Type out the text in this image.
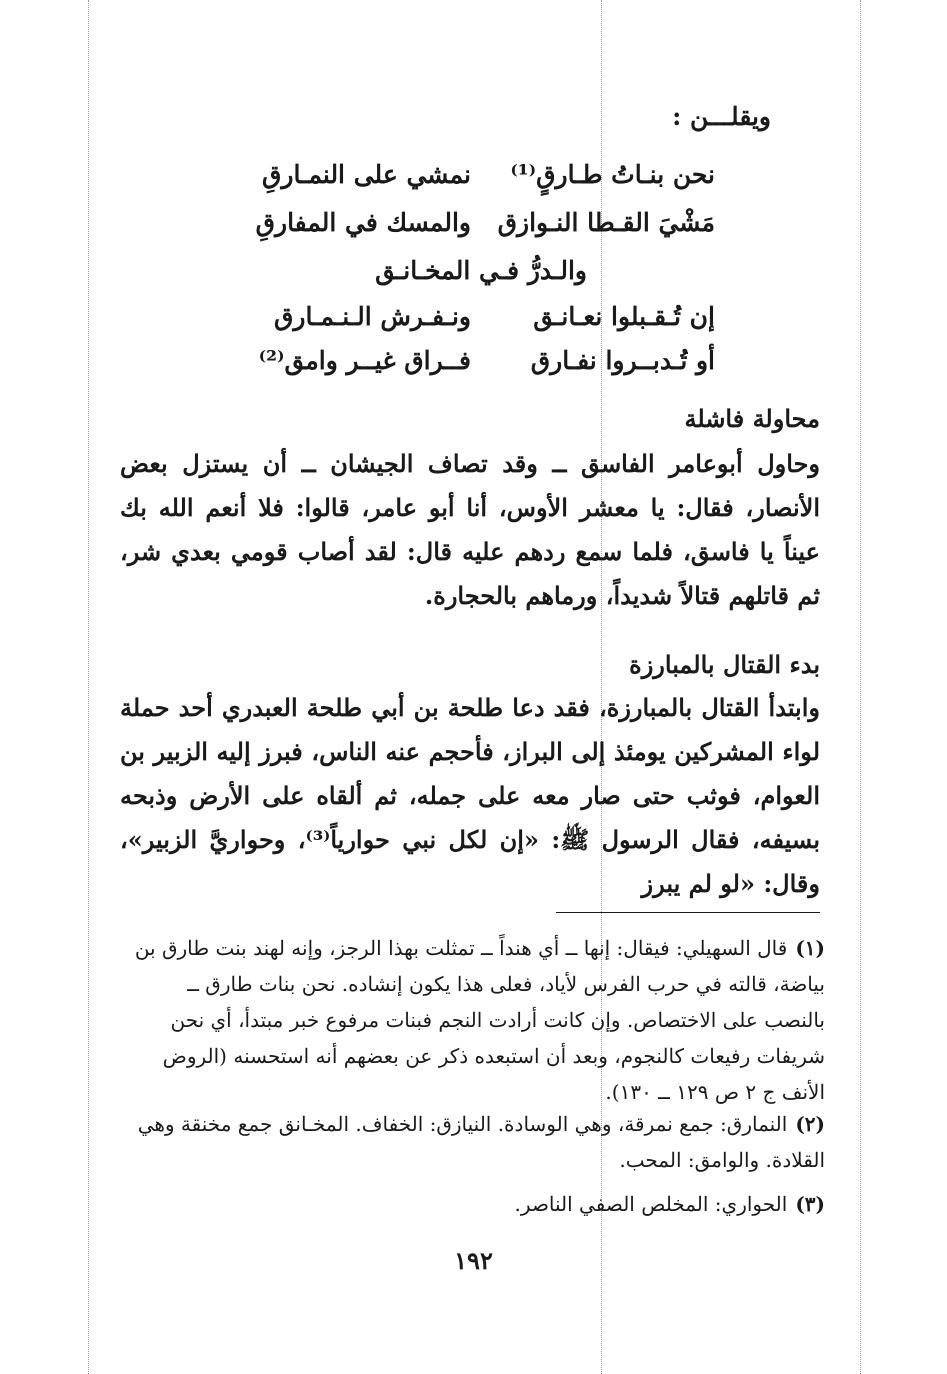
ويقلـــن :
نحن بنـاتُ طـارقٍ⁽¹⁾
نمشي على النمـارقِ
مَشْيَ القـطا النـوازق
والمسك في المفارقِ
والـدرُّ فـي المخـانـق
إن تُـقـبلوا نعـانـق
ونـفـرش الـنـمـارق
أو تُـدبــروا نفـارق
فــراق غيــر وامق⁽²⁾
محاولة فاشلة
وحاول أبوعامر الفاسق ــ وقد تصاف الجيشان ــ أن يستزل بعض الأنصار، فقال: يا معشر الأوس، أنا أبو عامر، قالوا: فلا أنعم الله بك عيناً يا فاسق، فلما سمع ردهم عليه قال: لقد أصاب قومي بعدي شر، ثم قاتلهم قتالاً شديداً، ورماهم بالحجارة.
بدء القتال بالمبارزة
وابتدأ القتال بالمبارزة، فقد دعا طلحة بن أبي طلحة العبدري أحد حملة لواء المشركين يومئذ إلى البراز، فأحجم عنه الناس، فبرز إليه الزبير بن العوام، فوثب حتى صار معه على جمله، ثم ألقاه على الأرض وذبحه بسيفه، فقال الرسول ﷺ: «إن لكل نبي حوارياً⁽³⁾، وحواريَّ الزبير»، وقال: «لو لم يبرز
(١)قال السهيلي: فيقال: إنها ــ أي هنداً ــ تمثلت بهذا الرجز، وإنه لهند بنت طارق بن بياضة، قالته في حرب الفرس لأياد، فعلى هذا يكون إنشاده. نحن بنات طارق ــ بالنصب على الاختصاص. وإن كانت أرادت النجم فبنات مرفوع خبر مبتدأ، أي نحن شريفات رفيعات كالنجوم، وبعد أن استبعده ذكر عن بعضهم أنه استحسنه (الروض الأنف ج ٢ ص ١٢٩ ــ ١٣٠).
(٢)النمارق: جمع نمرقة، وهي الوسادة. النيازق: الخفاف. المخـانق جمع مخنقة وهي القلادة. والوامق: المحب.
(٣)الحواري: المخلص الصفي الناصر.
١٩٢
